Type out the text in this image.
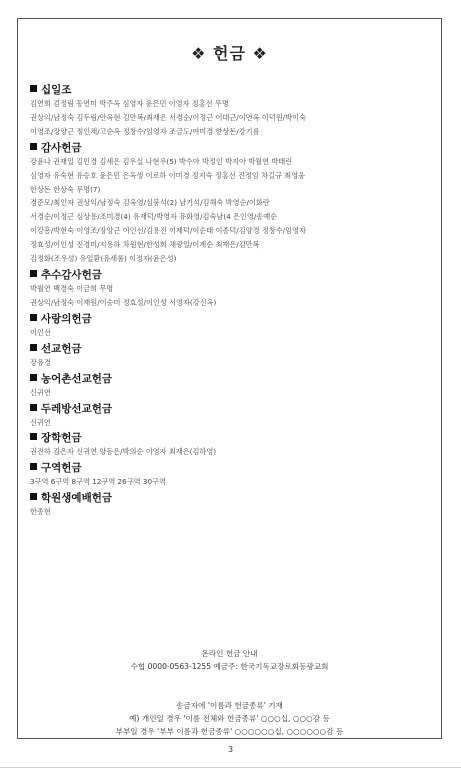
❖ 헌금 ❖
십일조
김연희 김정림 동연미 박주옥 심영자 윤은민 이영자 정홍선 무명
권상익/남정숙 김두림/안옥현 김만복/최재은 서경순/이정근 이대근/이연옥 이덕원/박이숙
이영조/장양근 정인채/고순옥 정창수/임영자 조금도/여미경 한상돈/강기름
감사헌금
강윤나 권재일 김민경 김세은 김우실 나현우(5) 박수아 박정인 박지아 박월연 박태린
심영자 유숙현 유승호 윤은민 은옥생 이로하 이미경 정지숙 정홍선 진정임 차길규 최영웅
한상돈 한상숙 무명(7)
경준모/최인자 권상익/남정숙 김옥영/심붕석(2) 남기석/김해숙 박영순/이화란
서경순/이정근 심상용/조미경(4) 유재덕/박영자 유화영/김숙남(4 은인영/송예순
이강흥/박현숙 이영조/장양근 이인선/김용진 이제덕/이순태 이종덕/김양경 정창수/임영자
정효성/이인성 진경미/지용하 차원현/한성희 채광일/이계순 최재은/김만복
김정화(조우성) 유일환(유세롬) 이정자(윤은성)
추수감사헌금
박월연 백경숙 이금희 무명
권상익/남정숙 이재원/이승미 정효성/이인성 서영자(강신옥)
사랑의헌금
이인선
선교헌금
장유경
농어촌선교헌금
신귀연
두레방선교헌금
신귀연
장학헌금
권진하 김은자 신귀연 양동은/박의순 이영자 최재은(김하영)
구역헌금
3구역 6구역 8구역 12구역 26구역 30구역
학원생예배헌금
한종현
온라인 헌금 안내
수협 0000-0563-1255 예금주: 한국기독교장로회동광교회
송금자에 '이름과 헌금종류' 기재
예) 개인일 경우 '이름 전체와 헌금종류' ○○○십, ○○○감 등
부부일 경우 '부부 이름과 헌금종류' ○○○○○○십, ○○○○○○감 등
3
